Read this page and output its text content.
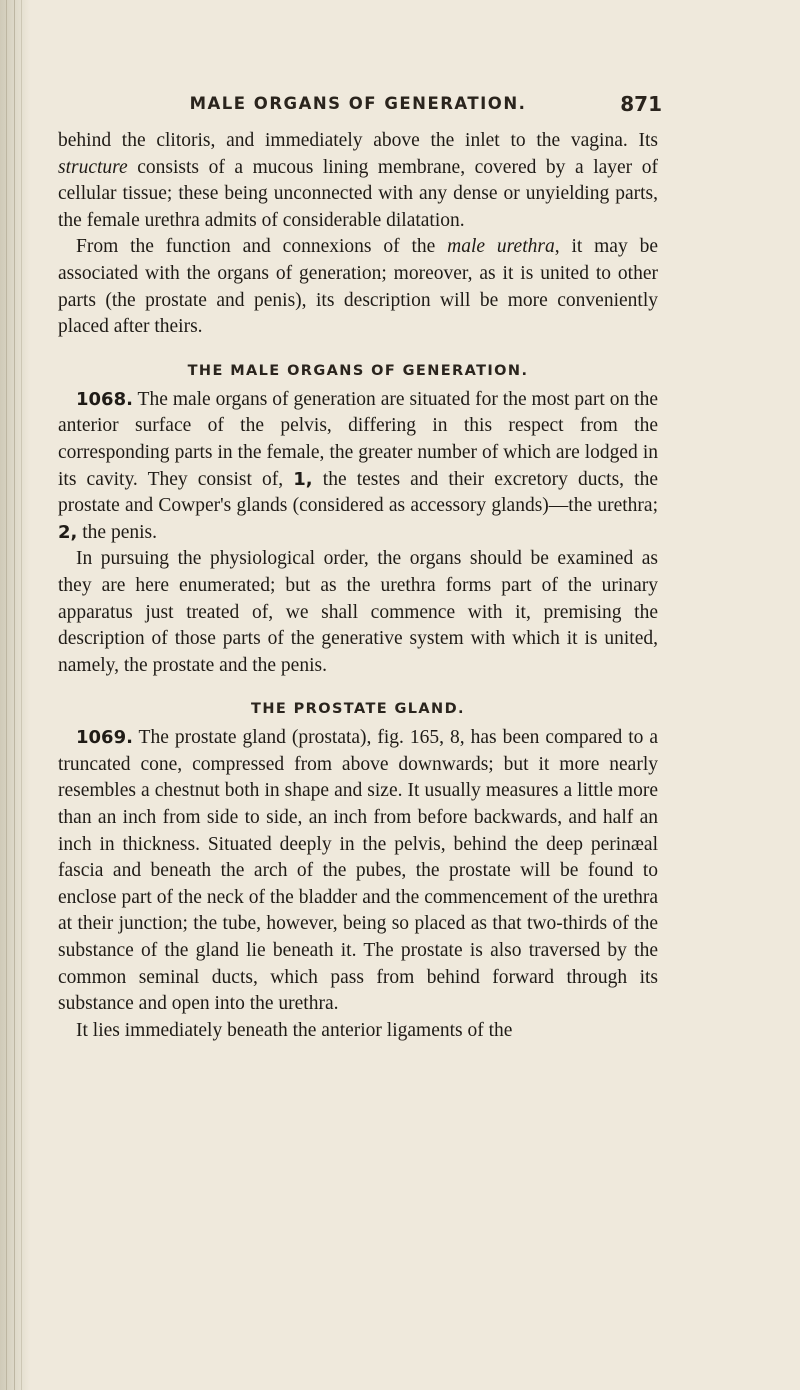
MALE ORGANS OF GENERATION.	871

behind the clitoris, and immediately above the inlet to the vagina. Its structure consists of a mucous lining membrane, covered by a layer of cellular tissue; these being unconnected with any dense or unyielding parts, the female urethra admits of considerable dilatation.

From the function and connexions of the male urethra, it may be associated with the organs of generation; moreover, as it is united to other parts (the prostate and penis), its description will be more conveniently placed after theirs.

THE MALE ORGANS OF GENERATION.

1068. The male organs of generation are situated for the most part on the anterior surface of the pelvis, differing in this respect from the corresponding parts in the female, the greater number of which are lodged in its cavity. They consist of, 1, the testes and their excretory ducts, the prostate and Cowper's glands (considered as accessory glands)—the urethra; 2, the penis.

In pursuing the physiological order, the organs should be examined as they are here enumerated; but as the urethra forms part of the urinary apparatus just treated of, we shall commence with it, premising the description of those parts of the generative system with which it is united, namely, the prostate and the penis.

THE PROSTATE GLAND.

1069. The prostate gland (prostata), fig. 165, 8, has been compared to a truncated cone, compressed from above downwards; but it more nearly resembles a chestnut both in shape and size. It usually measures a little more than an inch from side to side, an inch from before backwards, and half an inch in thickness. Situated deeply in the pelvis, behind the deep perinæal fascia and beneath the arch of the pubes, the prostate will be found to enclose part of the neck of the bladder and the commencement of the urethra at their junction; the tube, however, being so placed as that two-thirds of the substance of the gland lie beneath it. The prostate is also traversed by the common seminal ducts, which pass from behind forward through its substance and open into the urethra.

It lies immediately beneath the anterior ligaments of the
